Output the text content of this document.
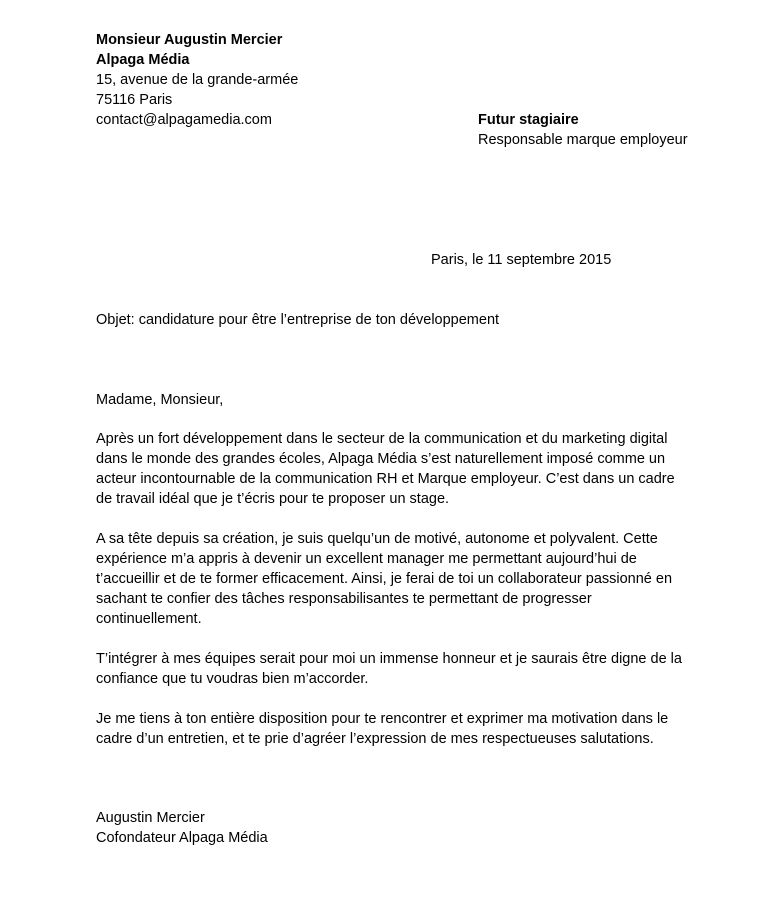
Monsieur Augustin Mercier
Alpaga Média
15, avenue de la grande-armée
75116 Paris
contact@alpagamedia.com	Futur stagiaire
Responsable marque employeur
Paris, le 11 septembre 2015
Objet: candidature pour être l’entreprise de ton développement
Madame, Monsieur,
Après un fort développement dans le secteur de la communication et du marketing digital
dans le monde des grandes écoles, Alpaga Média s’est naturellement imposé comme un
acteur incontournable de la communication RH et Marque employeur. C’est dans un cadre
de travail idéal que je t’écris pour te proposer un stage.
A sa tête depuis sa création, je suis quelqu’un de motivé, autonome et polyvalent. Cette
expérience m’a appris à devenir un excellent manager me permettant aujourd’hui de
t’accueillir et de te former efficacement. Ainsi, je ferai de toi un collaborateur passionné en
sachant te confier des tâches responsabilisantes te permettant de progresser
continuellement.
T’intégrer à mes équipes serait pour moi un immense honneur et je saurais être digne de la
confiance que tu voudras bien m’accorder.
Je me tiens à ton entière disposition pour te rencontrer et exprimer ma motivation dans le
cadre d’un entretien, et te prie d’agréer l’expression de mes respectueuses salutations.
Augustin Mercier
Cofondateur Alpaga Média
